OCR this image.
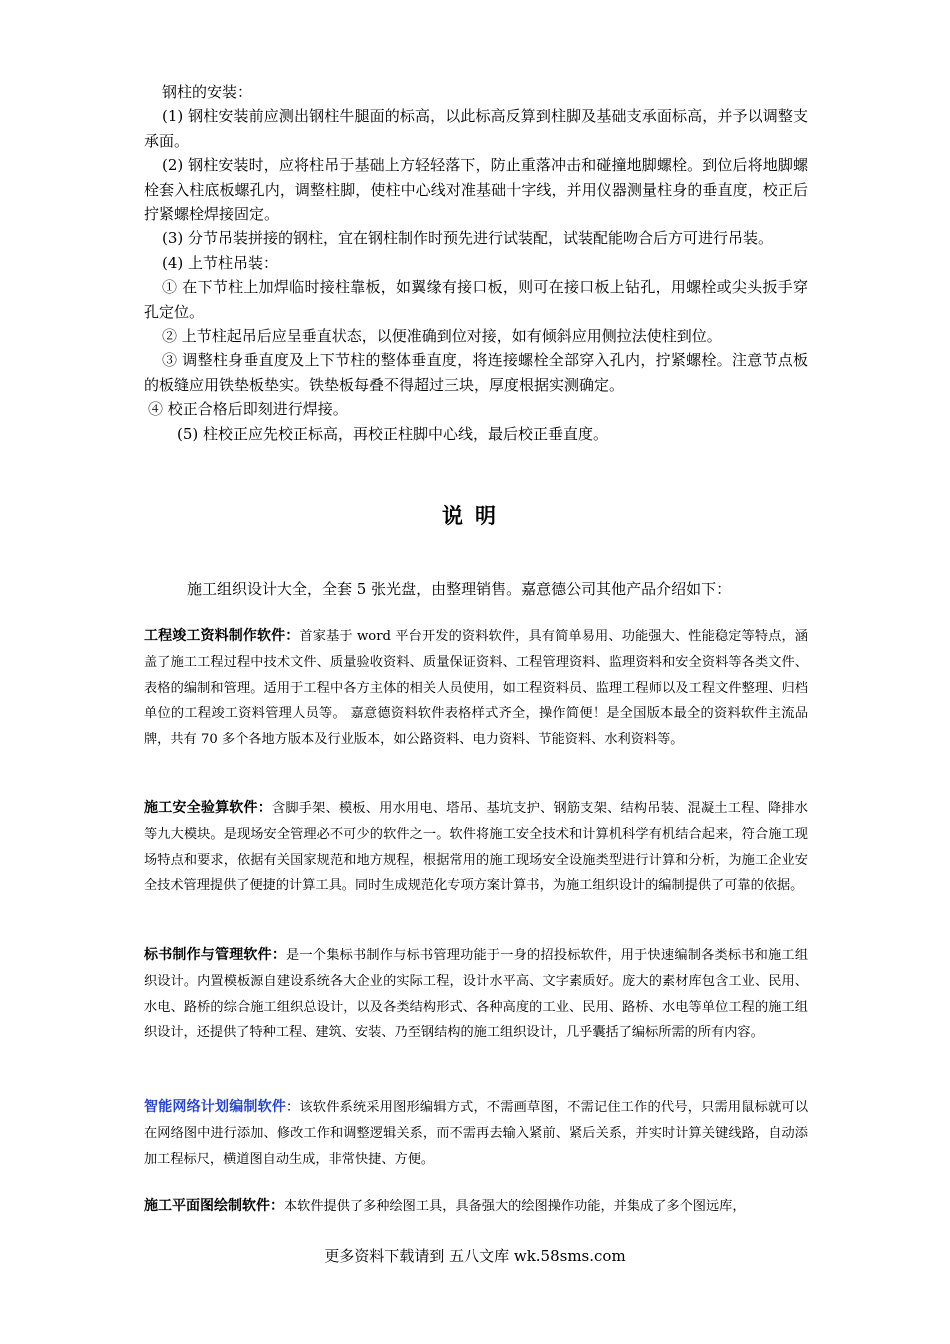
钢柱的安装：

(1) 钢柱安装前应测出钢柱牛腿面的标高，以此标高反算到柱脚及基础支承面标高，并予以调整支承面。

(2) 钢柱安装时，应将柱吊于基础上方轻轻落下，防止重落冲击和碰撞地脚螺栓。到位后将地脚螺栓套入柱底板螺孔内，调整柱脚，使柱中心线对准基础十字线，并用仪器测量柱身的垂直度，校正后拧紧螺栓焊接固定。

(3) 分节吊装拼接的钢柱，宜在钢柱制作时预先进行试装配，试装配能吻合后方可进行吊装。

(4) 上节柱吊装：

① 在下节柱上加焊临时接柱靠板，如翼缘有接口板，则可在接口板上钻孔，用螺栓或尖头扳手穿孔定位。

② 上节柱起吊后应呈垂直状态，以便准确到位对接，如有倾斜应用侧拉法使柱到位。

③ 调整柱身垂直度及上下节柱的整体垂直度，将连接螺栓全部穿入孔内，拧紧螺栓。注意节点板的板缝应用铁垫板垫实。铁垫板每叠不得超过三块，厚度根据实测确定。

④ 校正合格后即刻进行焊接。

(5) 柱校正应先校正标高，再校正柱脚中心线，最后校正垂直度。

说明

施工组织设计大全，全套 5 张光盘，由整理销售。嘉意德公司其他产品介绍如下：

工程竣工资料制作软件：首家基于 word 平台开发的资料软件，具有简单易用、功能强大、性能稳定等特点，涵盖了施工工程过程中技术文件、质量验收资料、质量保证资料、工程管理资料、监理资料和安全资料等各类文件、表格的编制和管理。适用于工程中各方主体的相关人员使用，如工程资料员、监理工程师以及工程文件整理、归档单位的工程竣工资料管理人员等。 嘉意德资料软件表格样式齐全，操作简便！是全国版本最全的资料软件主流品牌，共有 70 多个各地方版本及行业版本，如公路资料、电力资料、节能资料、水利资料等。

施工安全验算软件：含脚手架、模板、用水用电、塔吊、基坑支护、钢筋支架、结构吊装、混凝土工程、降排水等九大模块。是现场安全管理必不可少的软件之一。软件将施工安全技术和计算机科学有机结合起来，符合施工现场特点和要求，依据有关国家规范和地方规程，根据常用的施工现场安全设施类型进行计算和分析，为施工企业安全技术管理提供了便捷的计算工具。同时生成规范化专项方案计算书，为施工组织设计的编制提供了可靠的依据。

标书制作与管理软件：是一个集标书制作与标书管理功能于一身的招投标软件，用于快速编制各类标书和施工组织设计。内置模板源自建设系统各大企业的实际工程，设计水平高、文字素质好。庞大的素材库包含工业、民用、水电、路桥的综合施工组织总设计，以及各类结构形式、各种高度的工业、民用、路桥、水电等单位工程的施工组织设计，还提供了特种工程、建筑、安装、乃至钢结构的施工组织设计，几乎囊括了编标所需的所有内容。

智能网络计划编制软件：该软件系统采用图形编辑方式，不需画草图，不需记住工作的代号，只需用鼠标就可以在网络图中进行添加、修改工作和调整逻辑关系，而不需再去输入紧前、紧后关系，并实时计算关键线路，自动添加工程标尺，横道图自动生成，非常快捷、方便。

施工平面图绘制软件：本软件提供了多种绘图工具，具备强大的绘图操作功能，并集成了多个图远库，

更多资料下载请到 五八文库 wk.58sms.com
